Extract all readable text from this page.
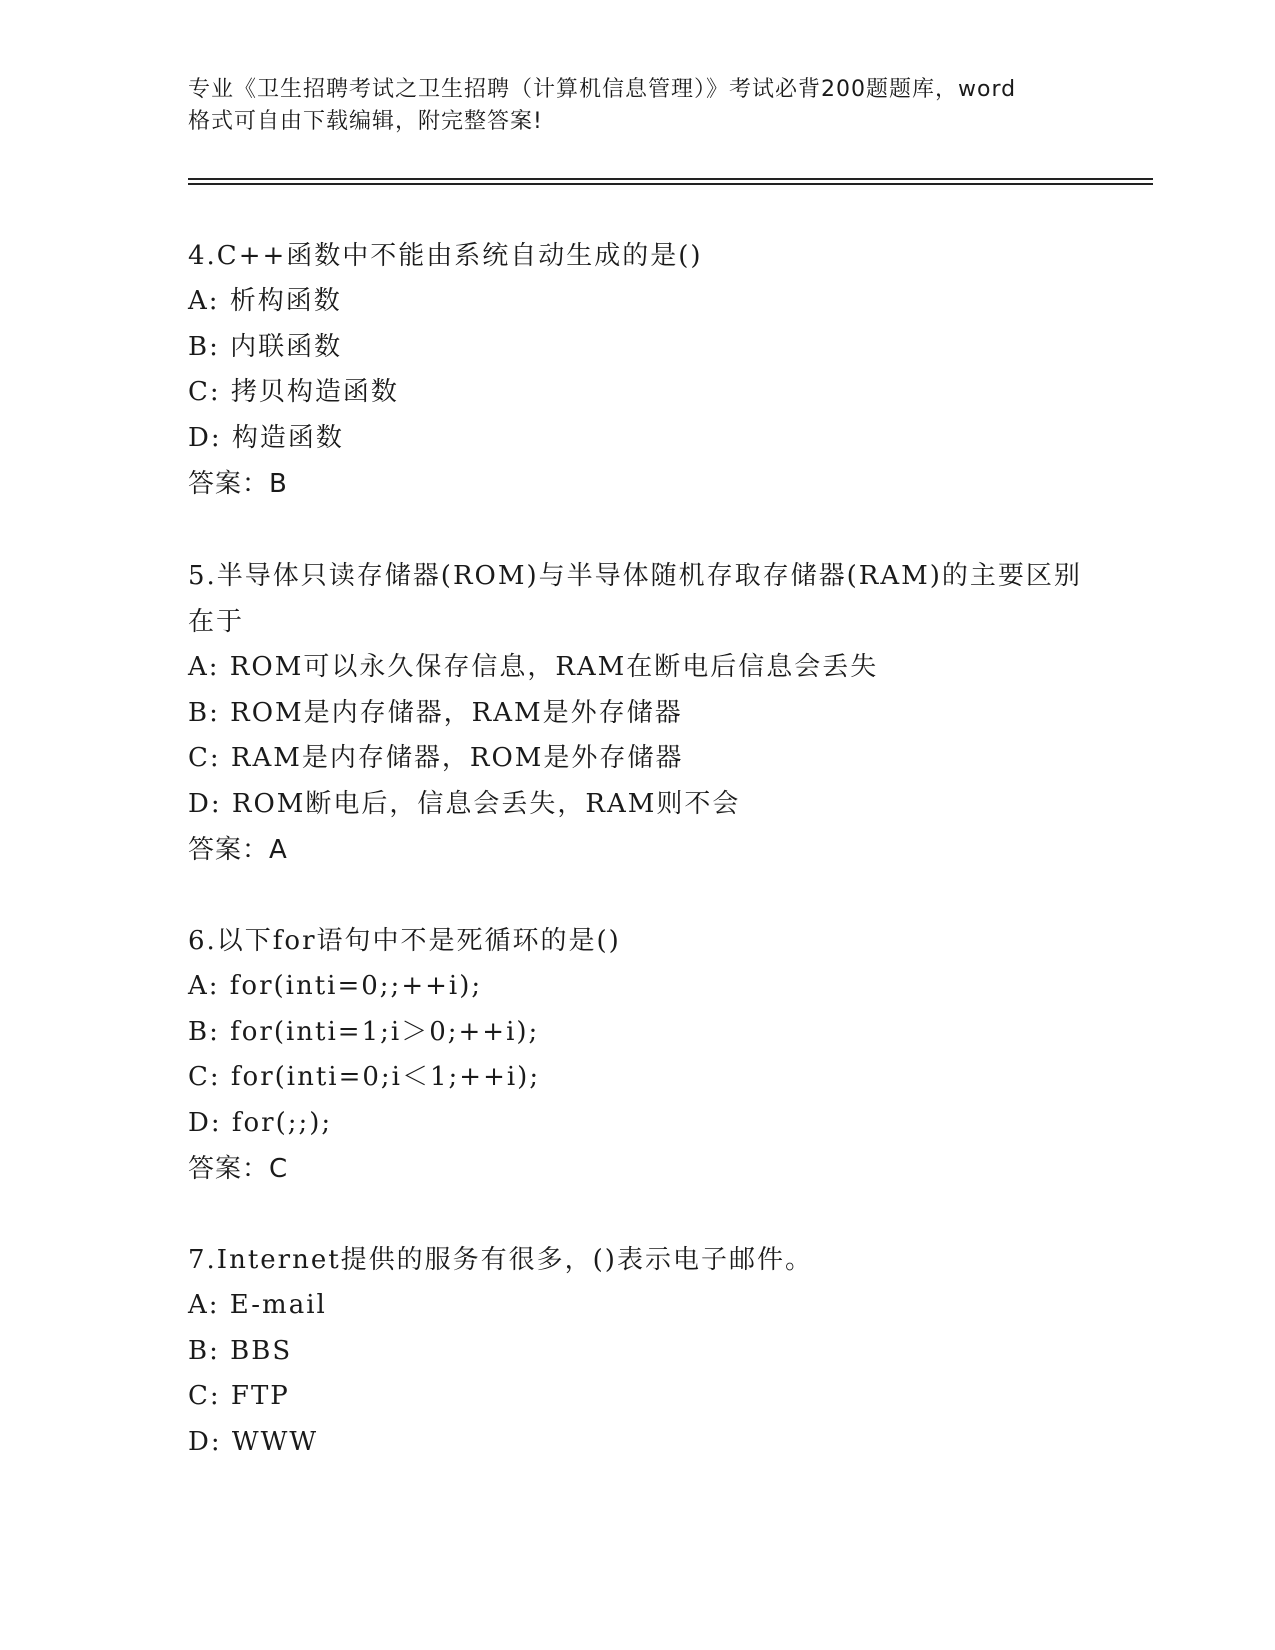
专业《卫生招聘考试之卫生招聘（计算机信息管理）》考试必背200题题库，word
格式可自由下载编辑，附完整答案!
4.C++函数中不能由系统自动生成的是()
A: 析构函数
B: 内联函数
C: 拷贝构造函数
D: 构造函数
答案：B
5.半导体只读存储器(ROM)与半导体随机存取存储器(RAM)的主要区别在于
A: ROM可以永久保存信息，RAM在断电后信息会丢失
B: ROM是内存储器，RAM是外存储器
C: RAM是内存储器，ROM是外存储器
D: ROM断电后，信息会丢失，RAM则不会
答案：A
6.以下for语句中不是死循环的是()
A: for(inti=0;;++i);
B: for(inti=1;i＞0;++i);
C: for(inti=0;i＜1;++i);
D: for(;;);
答案：C
7.Internet提供的服务有很多，()表示电子邮件。
A: E-mail
B: BBS
C: FTP
D: WWW
